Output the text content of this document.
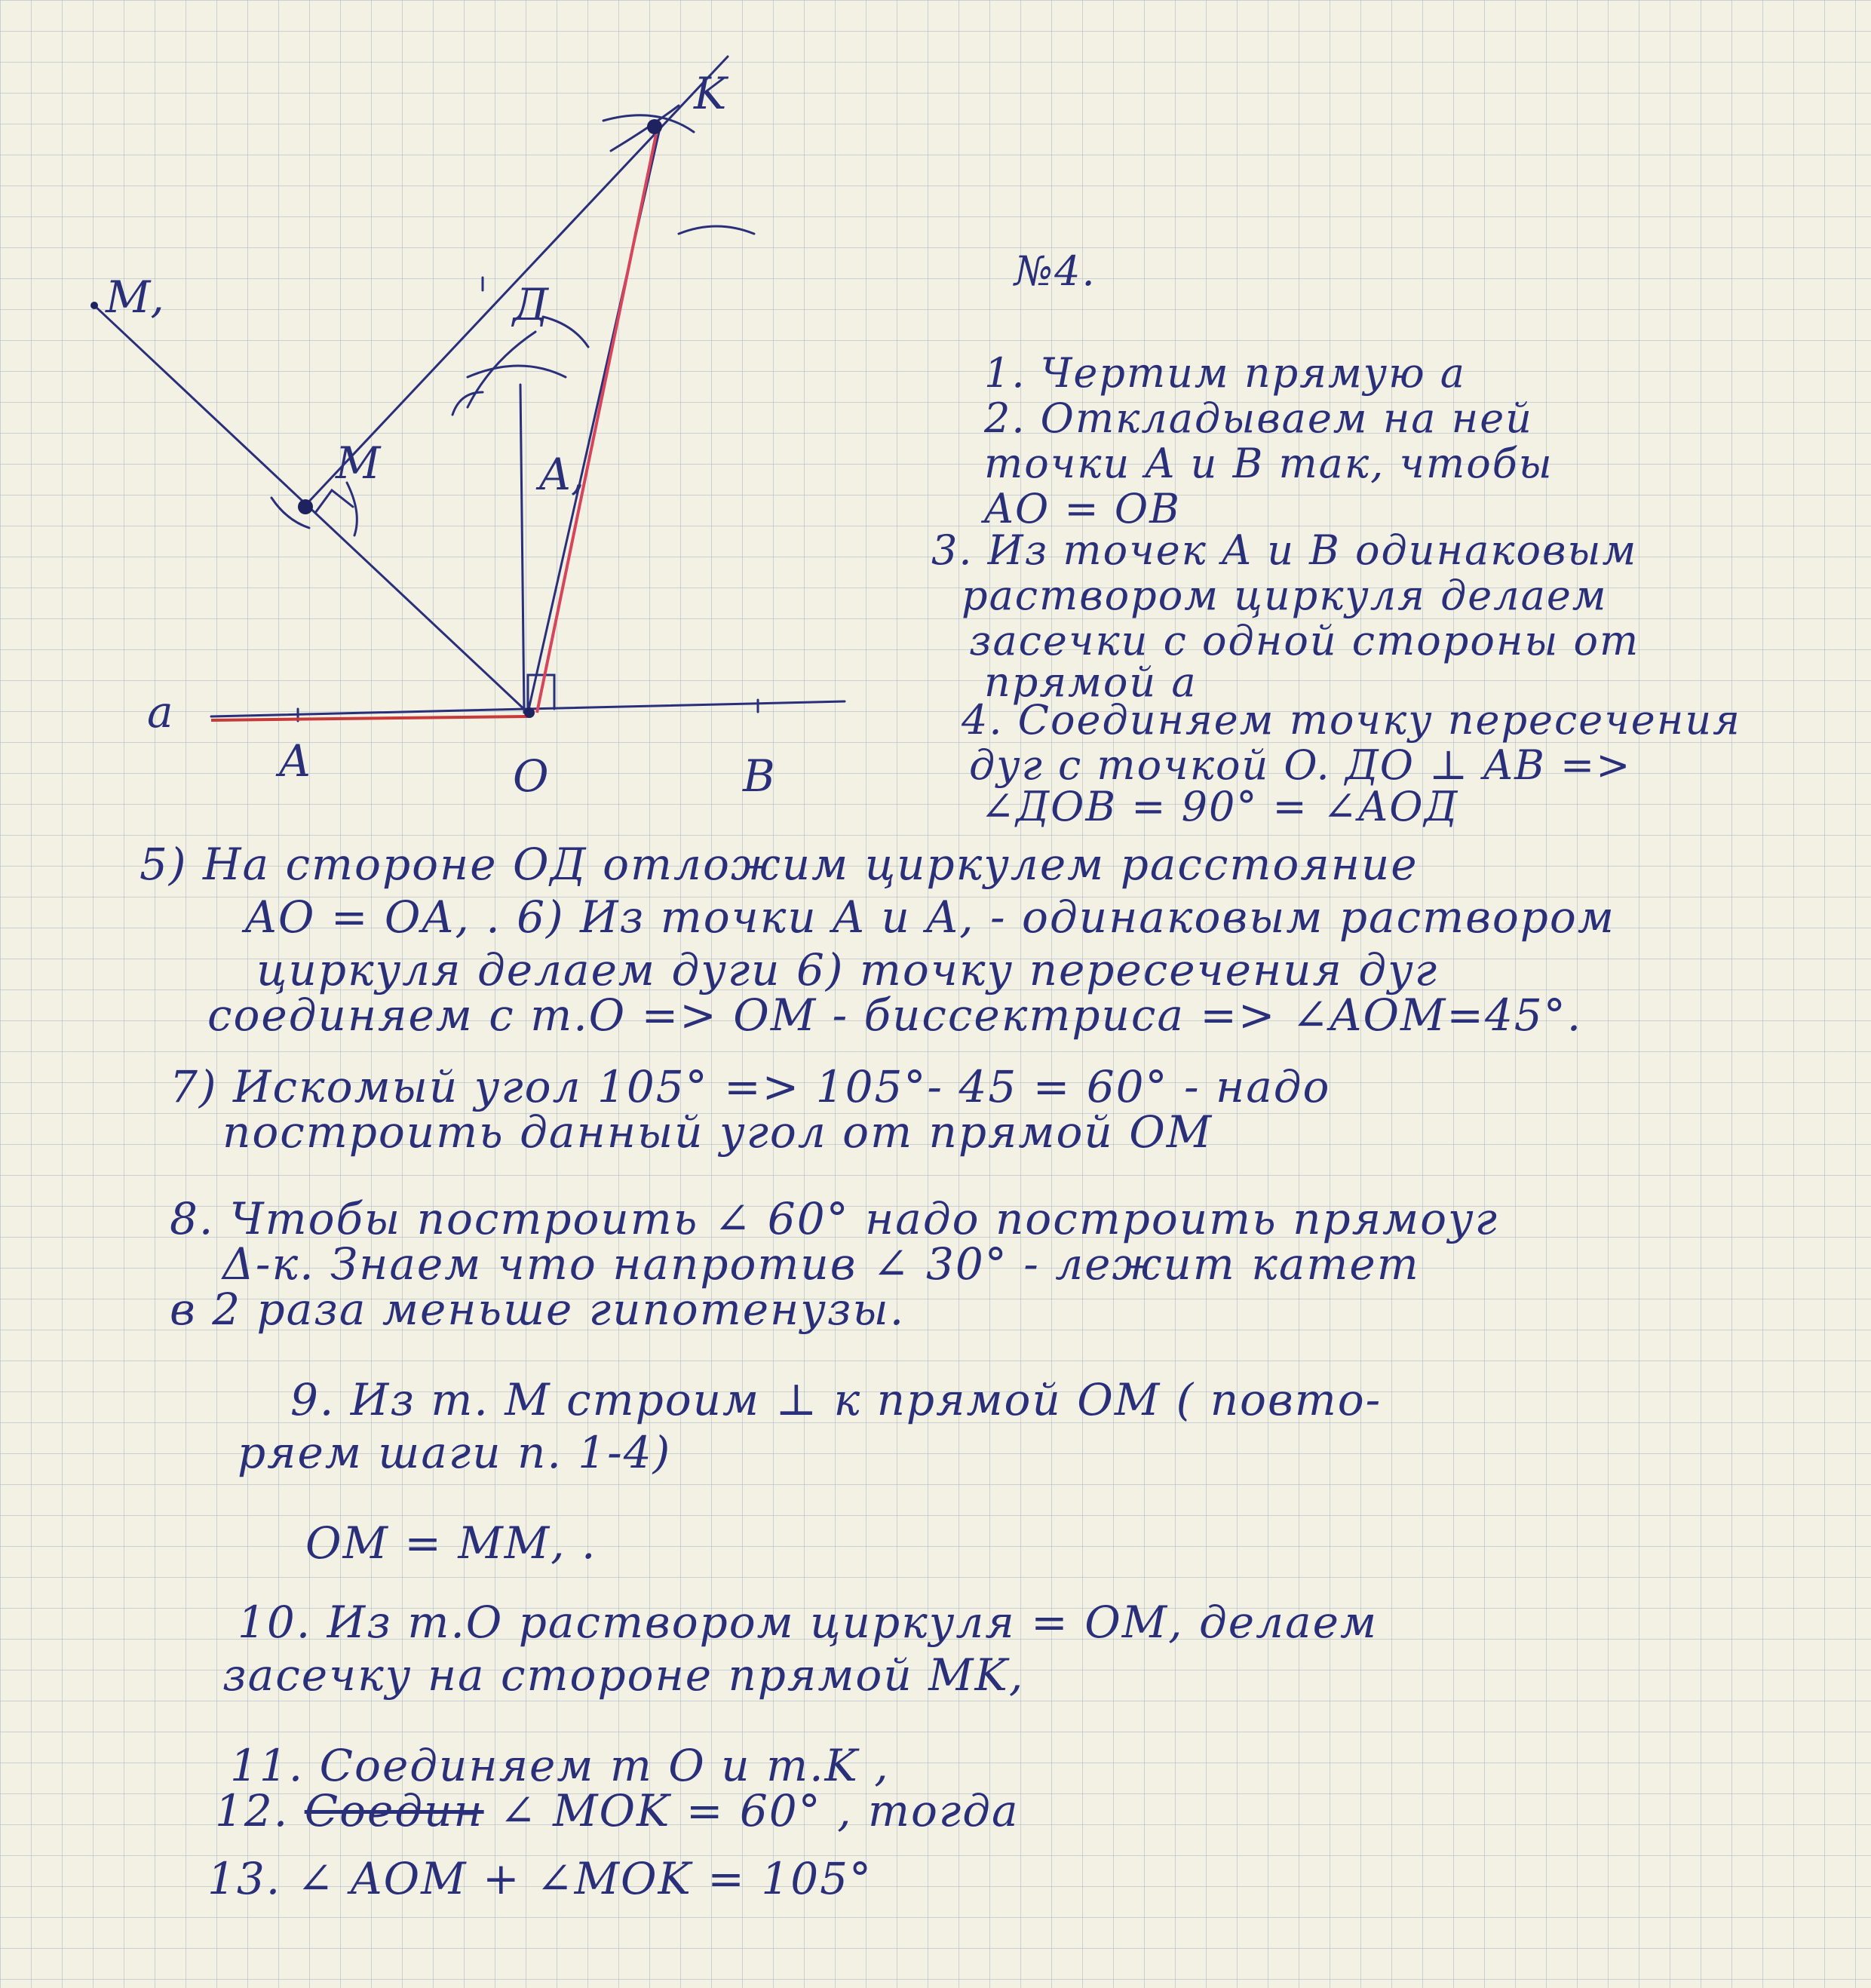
K
M,	Д
M	A,
a
A	O	B
№4.
1. Чертим прямую a
2. Откладываем на ней
точки A и B так, чтобы
AO = OB
3. Из точек A и B одинаковым
раствором циркуля делаем
засечки с одной стороны от
прямой a
4. Соединяем точку пересечения
дуг с точкой O. ДO ⊥ AB =>
∠ДOB = 90° = ∠AOД
5) На стороне OД отложим циркулем расстояние
AO = OA, . 6) Из точки A и A, - одинаковым раствором
циркуля делаем дуги 6) точку пересечения дуг
соединяем с т.O => OM - биссектриса => ∠AOM=45°.
7) Искомый угол 105° => 105°- 45 = 60° - надо
построить данный угол от прямой OM
8. Чтобы построить ∠ 60° надо построить прямоуг
Δ-к. Знаем что напротив ∠ 30° - лежит катет
в 2 раза меньше гипотенузы.
9. Из т. M строим ⊥ к прямой OM ( повто-
ряем шаги п. 1-4)
OM = MM, .
10. Из т.O раствором циркуля = OM, делаем
засечку на стороне прямой MK,
11. Соединяем т O и т.K ,
12. Соедин ∠ MOK = 60° , тогда
13. ∠ AOM + ∠MOK = 105°
